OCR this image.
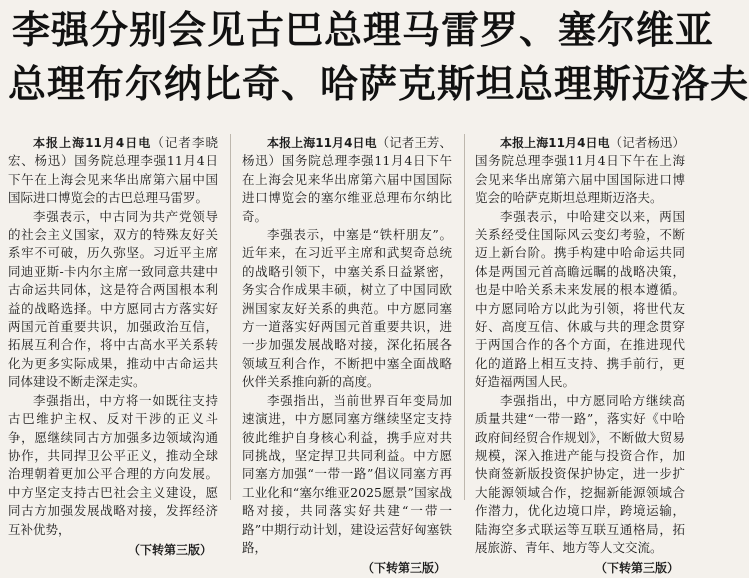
李强分别会见古巴总理马雷罗、塞尔维亚
总理布尔纳比奇、哈萨克斯坦总理斯迈洛夫

本报上海11月4日电（记者李晓宏、杨迅）国务院总理李强11月4日下午在上海会见来华出席第六届中国国际进口博览会的古巴总理马雷罗。

李强表示，中古同为共产党领导的社会主义国家，双方的特殊友好关系牢不可破，历久弥坚。习近平主席同迪亚斯-卡内尔主席一致同意共建中古命运共同体，这是符合两国根本利益的战略选择。中方愿同古方落实好两国元首重要共识，加强政治互信，拓展互利合作，将中古高水平关系转化为更多实际成果，推动中古命运共同体建设不断走深走实。

李强指出，中方将一如既往支持古巴维护主权、反对干涉的正义斗争，愿继续同古方加强多边领域沟通协作，共同捍卫公平正义，推动全球治理朝着更加公平合理的方向发展。中方坚定支持古巴社会主义建设，愿同古方加强发展战略对接，发挥经济互补优势，

（下转第三版）

本报上海11月4日电（记者王芳、杨迅）国务院总理李强11月4日下午在上海会见来华出席第六届中国国际进口博览会的塞尔维亚总理布尔纳比奇。

李强表示，中塞是“铁杆朋友”。近年来，在习近平主席和武契奇总统的战略引领下，中塞关系日益紧密，务实合作成果丰硕，树立了中国同欧洲国家友好关系的典范。中方愿同塞方一道落实好两国元首重要共识，进一步加强发展战略对接，深化拓展各领域互利合作，不断把中塞全面战略伙伴关系推向新的高度。

李强指出，当前世界百年变局加速演进，中方愿同塞方继续坚定支持彼此维护自身核心利益，携手应对共同挑战，坚定捍卫共同利益。中方愿同塞方加强“一带一路”倡议同塞方再工业化和“塞尔维亚2025愿景”国家战略对接，共同落实好共建“一带一路”中期行动计划，建设运营好匈塞铁路，

（下转第三版）

本报上海11月4日电（记者杨迅）国务院总理李强11月4日下午在上海会见来华出席第六届中国国际进口博览会的哈萨克斯坦总理斯迈洛夫。

李强表示，中哈建交以来，两国关系经受住国际风云变幻考验，不断迈上新台阶。携手构建中哈命运共同体是两国元首高瞻远瞩的战略决策，也是中哈关系未来发展的根本遵循。中方愿同哈方以此为引领，将世代友好、高度互信、休戚与共的理念贯穿于两国合作的各个方面，在推进现代化的道路上相互支持、携手前行，更好造福两国人民。

李强指出，中方愿同哈方继续高质量共建“一带一路”，落实好《中哈政府间经贸合作规划》，不断做大贸易规模，深入推进产能与投资合作，加快商签新版投资保护协定，进一步扩大能源领域合作，挖掘新能源领域合作潜力，优化边境口岸，跨境运输，陆海空多式联运等互联互通格局，拓展旅游、青年、地方等人文交流。

（下转第三版）
